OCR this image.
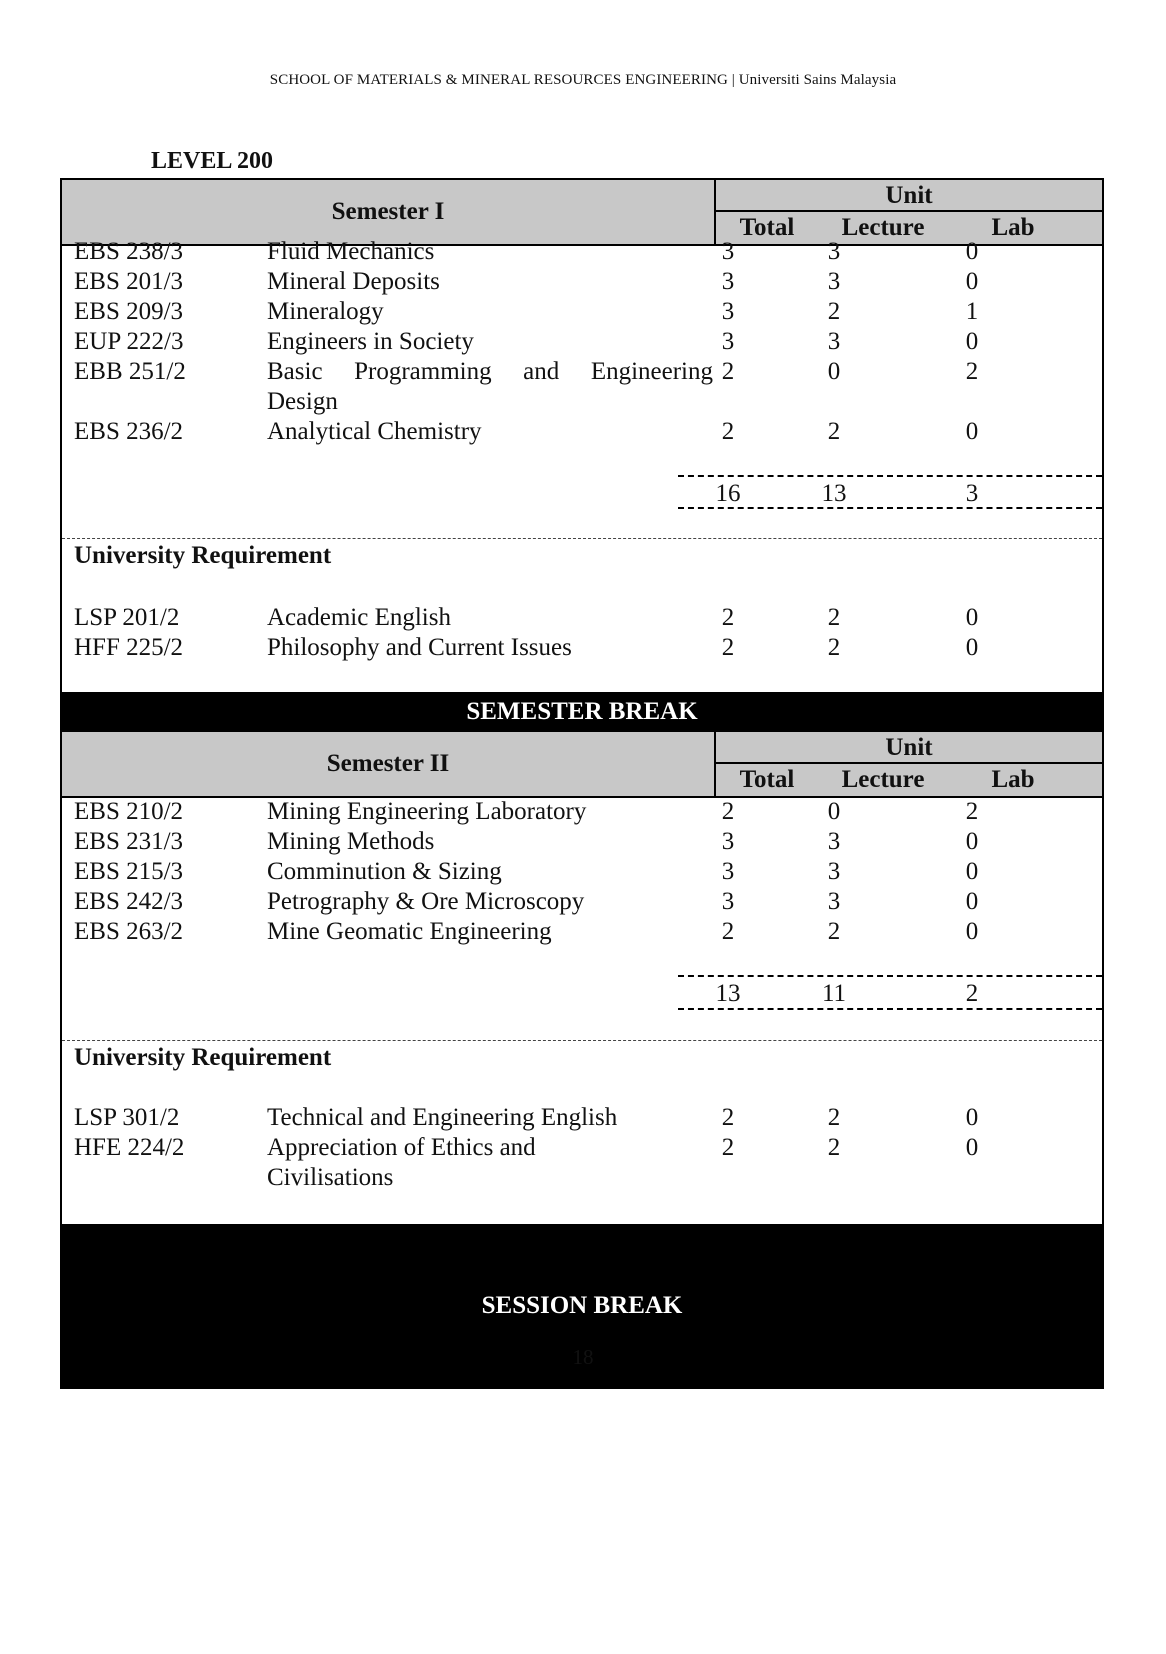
SCHOOL OF MATERIALS & MINERAL RESOURCES ENGINEERING | Universiti Sains Malaysia
LEVEL 200
Semester I
Unit
Total	Lecture	Lab
EBS 238/3	Fluid Mechanics	3	3	0
EBS 201/3	Mineral Deposits	3	3	0
EBS 209/3	Mineralogy	3	2	1
EUP 222/3	Engineers in Society	3	3	0
EBB 251/2	Basic Programming and Engineering 2	0	2
Design
EBS 236/2	Analytical Chemistry	2	2	0
16	13	3
University Requirement
LSP 201/2	Academic English	2	2	0
HFF 225/2	Philosophy and Current Issues	2	2	0
SEMESTER BREAK
Semester II
Unit
Total	Lecture	Lab
EBS 210/2	Mining Engineering Laboratory	2	0	2
EBS 231/3	Mining Methods	3	3	0
EBS 215/3	Comminution & Sizing	3	3	0
EBS 242/3	Petrography & Ore Microscopy	3	3	0
EBS 263/2	Mine Geomatic Engineering	2	2	0
13	11	2
University Requirement
LSP 301/2	Technical and Engineering English	2	2	0
HFE 224/2	Appreciation of Ethics and	2	2	0
Civilisations
SESSION BREAK
18
